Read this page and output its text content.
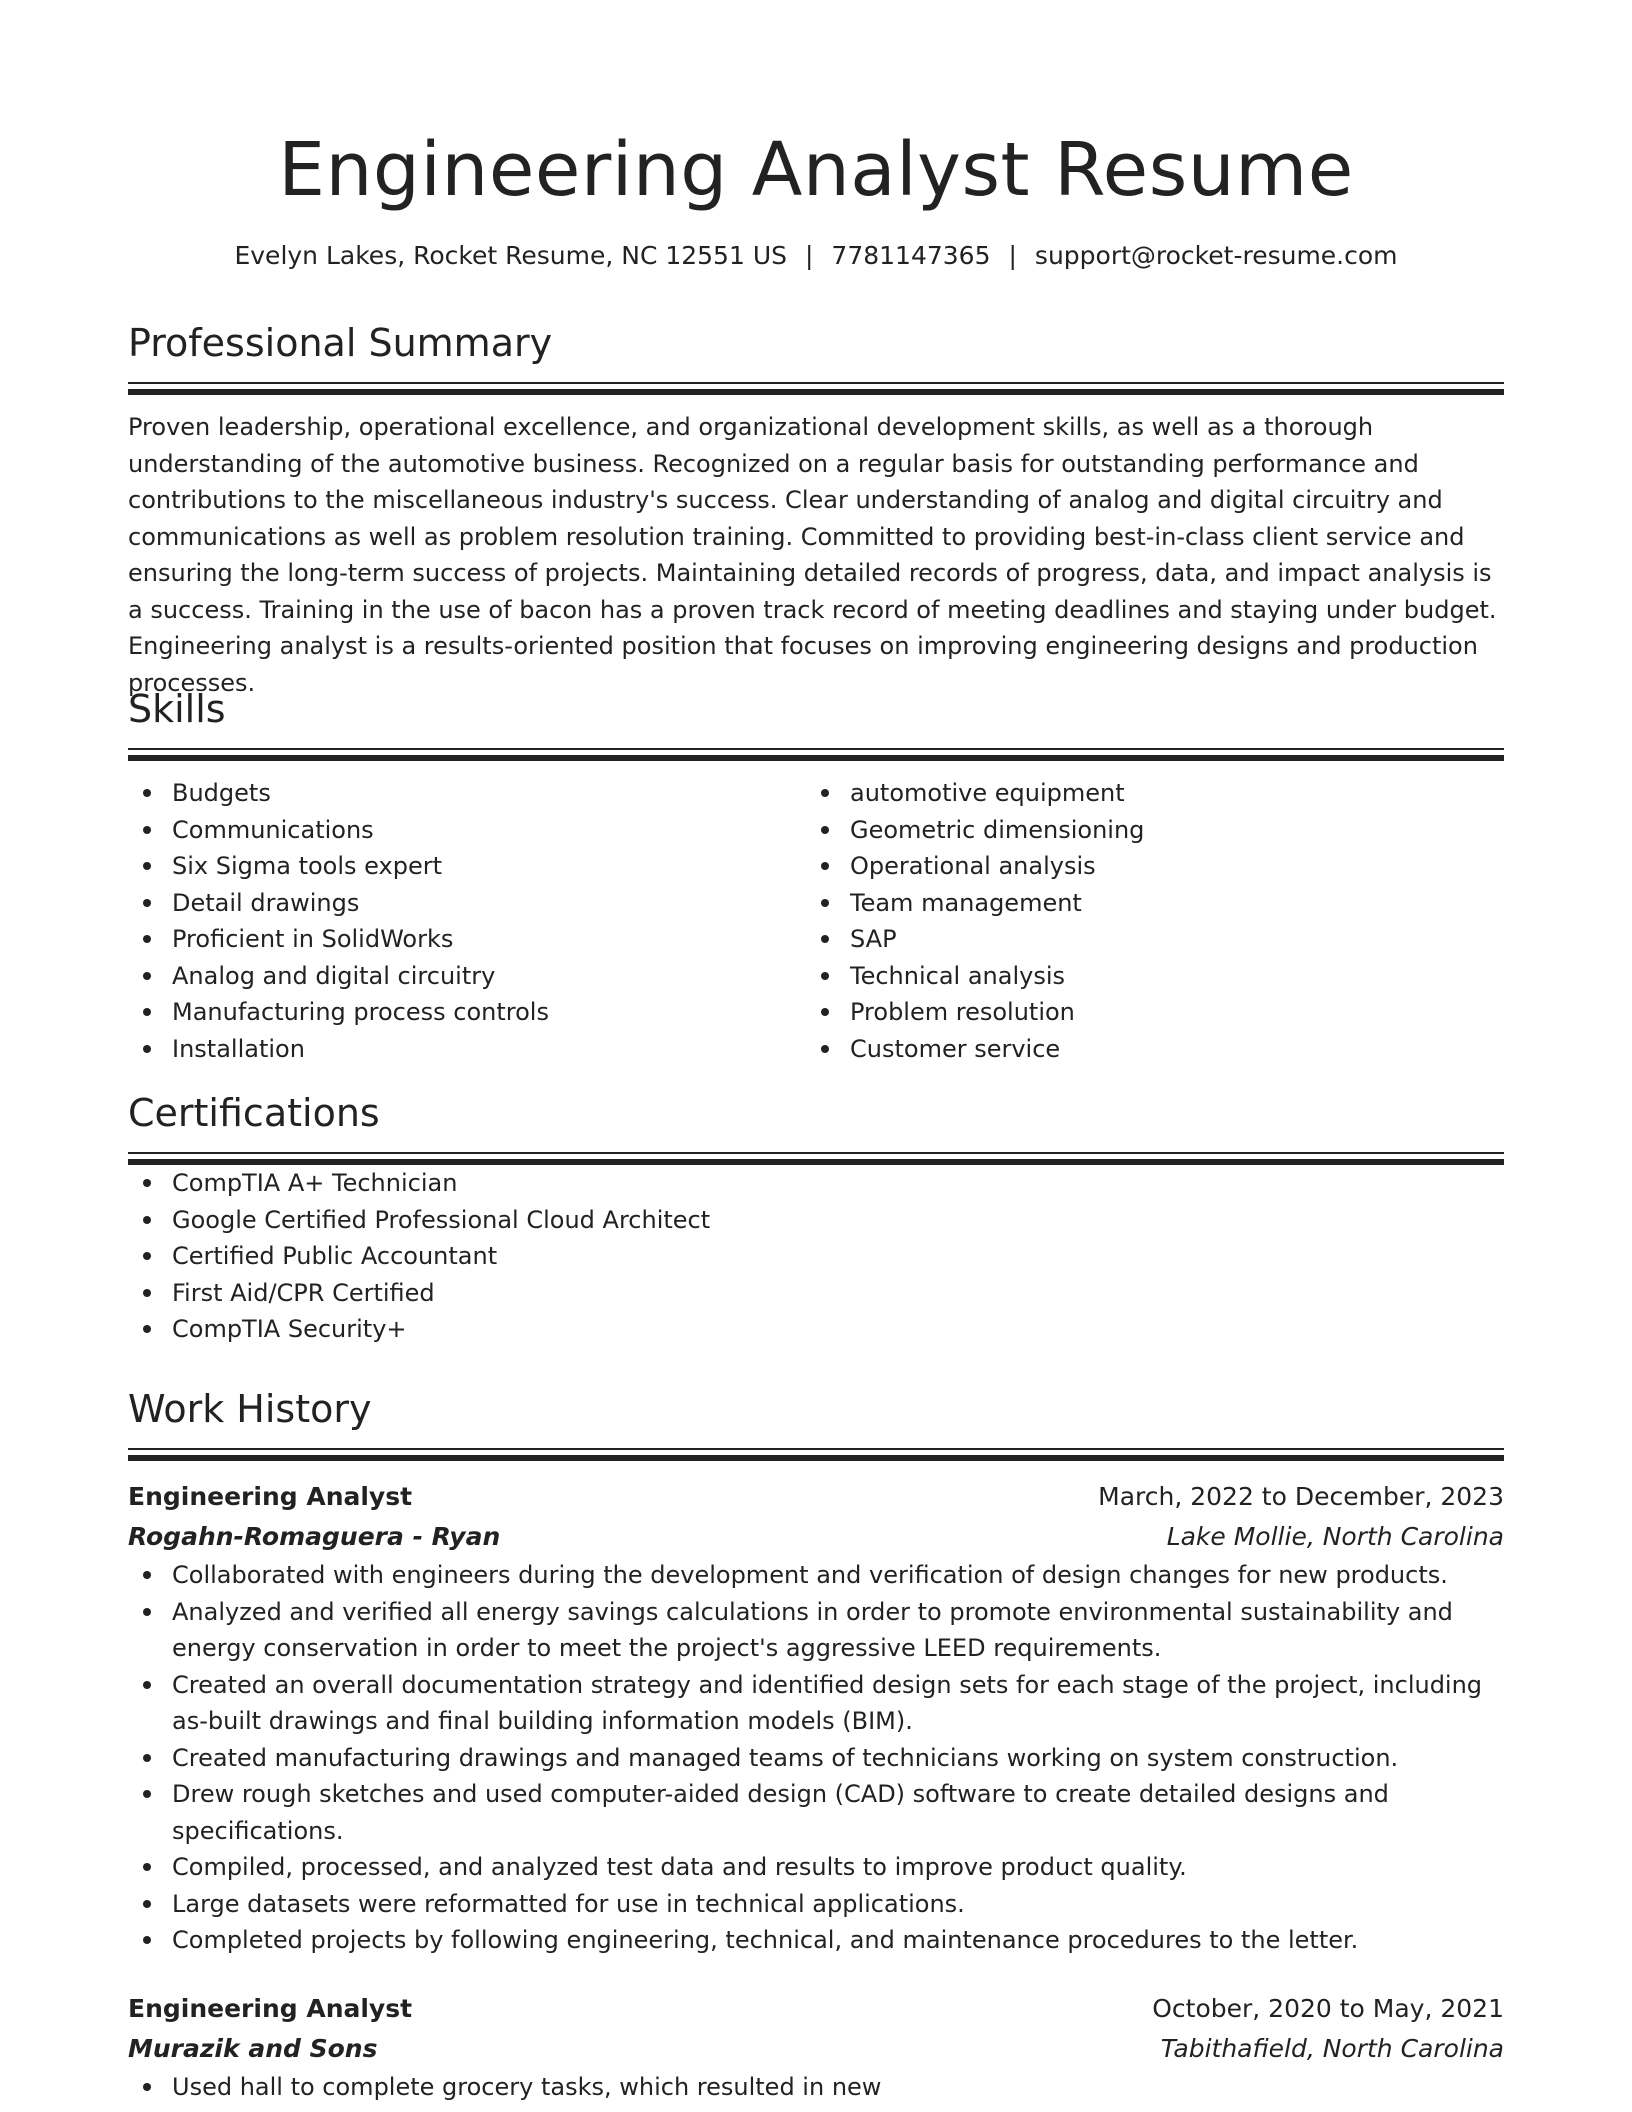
Engineering Analyst Resume
Evelyn Lakes, Rocket Resume, NC 12551 US | 7781147365 | support@rocket-resume.com
Professional Summary

Proven leadership, operational excellence, and organizational development skills, as well as a thorough understanding of the automotive business. Recognized on a regular basis for outstanding performance and contributions to the miscellaneous industry's success. Clear understanding of analog and digital circuitry and communications as well as problem resolution training. Committed to providing best-in-class client service and ensuring the long-term success of projects. Maintaining detailed records of progress, data, and impact analysis is a success. Training in the use of bacon has a proven track record of meeting deadlines and staying under budget. Engineering analyst is a results-oriented position that focuses on improving engineering designs and production processes.

Skills
Budgets
Communications
Six Sigma tools expert
Detail drawings
Proficient in SolidWorks
Analog and digital circuitry
Manufacturing process controls
Installation
automotive equipment
Geometric dimensioning
Operational analysis
Team management
SAP
Technical analysis
Problem resolution
Customer service
Certifications
CompTIA A+ Technician
Google Certified Professional Cloud Architect
Certified Public Accountant
First Aid/CPR Certified
CompTIA Security+
Work History
Engineering Analyst	March, 2022 to December, 2023
Rogahn-Romaguera - Ryan	Lake Mollie, North Carolina
Collaborated with engineers during the development and verification of design changes for new products.
Analyzed and verified all energy savings calculations in order to promote environmental sustainability and energy conservation in order to meet the project's aggressive LEED requirements.
Created an overall documentation strategy and identified design sets for each stage of the project, including as-built drawings and final building information models (BIM).
Created manufacturing drawings and managed teams of technicians working on system construction.
Drew rough sketches and used computer-aided design (CAD) software to create detailed designs and specifications.
Compiled, processed, and analyzed test data and results to improve product quality.
Large datasets were reformatted for use in technical applications.
Completed projects by following engineering, technical, and maintenance procedures to the letter.
Engineering Analyst	October, 2020 to May, 2021
Murazik and Sons	Tabithafield, North Carolina
Used hall to complete grocery tasks, which resulted in new
